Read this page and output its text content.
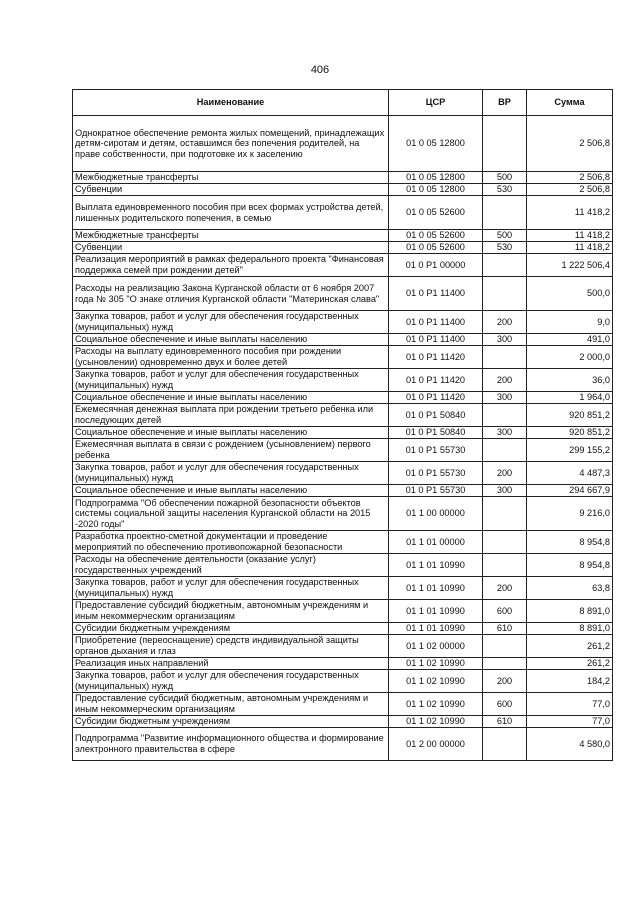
406
Наименование	ЦСР	ВР	Сумма
Однократное обеспечение ремонта жилых помещений, принадлежащих детям-сиротам и детям, оставшимся без попечения родителей, на праве собственности, при подготовке их к заселению	01 0 05 12800		2 506,8
Межбюджетные трансферты	01 0 05 12800	500	2 506,8
Субвенции	01 0 05 12800	530	2 506,8
Выплата единовременного пособия при всех формах устройства детей, лишенных родительского попечения, в семью	01 0 05 52600		11 418,2
Межбюджетные трансферты	01 0 05 52600	500	11 418,2
Субвенции	01 0 05 52600	530	11 418,2
Реализация мероприятий в рамках федерального проекта "Финансовая поддержка семей при рождении детей"	01 0 P1 00000		1 222 506,4
Расходы на реализацию Закона Курганской области от 6 ноября 2007 года № 305 "О знаке отличия Курганской области "Материнская слава"	01 0 P1 11400		500,0
Закупка товаров, работ и услуг для обеспечения государственных (муниципальных) нужд	01 0 P1 11400	200	9,0
Социальное обеспечение и иные выплаты населению	01 0 P1 11400	300	491,0
Расходы на выплату единовременного пособия при рождении (усыновлении) одновременно двух и более детей	01 0 P1 11420		2 000,0
Закупка товаров, работ и услуг для обеспечения государственных (муниципальных) нужд	01 0 P1 11420	200	36,0
Социальное обеспечение и иные выплаты населению	01 0 P1 11420	300	1 964,0
Ежемесячная денежная выплата при рождении третьего ребенка или последующих детей	01 0 P1 50840		920 851,2
Социальное обеспечение и иные выплаты населению	01 0 P1 50840	300	920 851,2
Ежемесячная выплата в связи с рождением (усыновлением) первого ребенка	01 0 P1 55730		299 155,2
Закупка товаров, работ и услуг для обеспечения государственных (муниципальных) нужд	01 0 P1 55730	200	4 487,3
Социальное обеспечение и иные выплаты населению	01 0 P1 55730	300	294 667,9
Подпрограмма "Об обеспечении пожарной безопасности объектов системы социальной защиты населения Курганской области на 2015 -2020 годы"	01 1 00 00000		9 216,0
Разработка проектно-сметной документации и проведение мероприятий по обеспечению противопожарной безопасности	01 1 01 00000		8 954,8
Расходы на обеспечение деятельности (оказание услуг) государственных учреждений	01 1 01 10990		8 954,8
Закупка товаров, работ и услуг для обеспечения государственных (муниципальных) нужд	01 1 01 10990	200	63,8
Предоставление субсидий бюджетным, автономным учреждениям и иным некоммерческим организациям	01 1 01 10990	600	8 891,0
Субсидии бюджетным учреждениям	01 1 01 10990	610	8 891,0
Приобретение (переоснащение) средств индивидуальной защиты органов дыхания и глаз	01 1 02 00000		261,2
Реализация иных направлений	01 1 02 10990		261,2
Закупка товаров, работ и услуг для обеспечения государственных (муниципальных) нужд	01 1 02 10990	200	184,2
Предоставление субсидий бюджетным, автономным учреждениям и иным некоммерческим организациям	01 1 02 10990	600	77,0
Субсидии бюджетным учреждениям	01 1 02 10990	610	77,0
Подпрограмма "Развитие информационного общества и формирование электронного правительства в сфере	01 2 00 00000		4 580,0
